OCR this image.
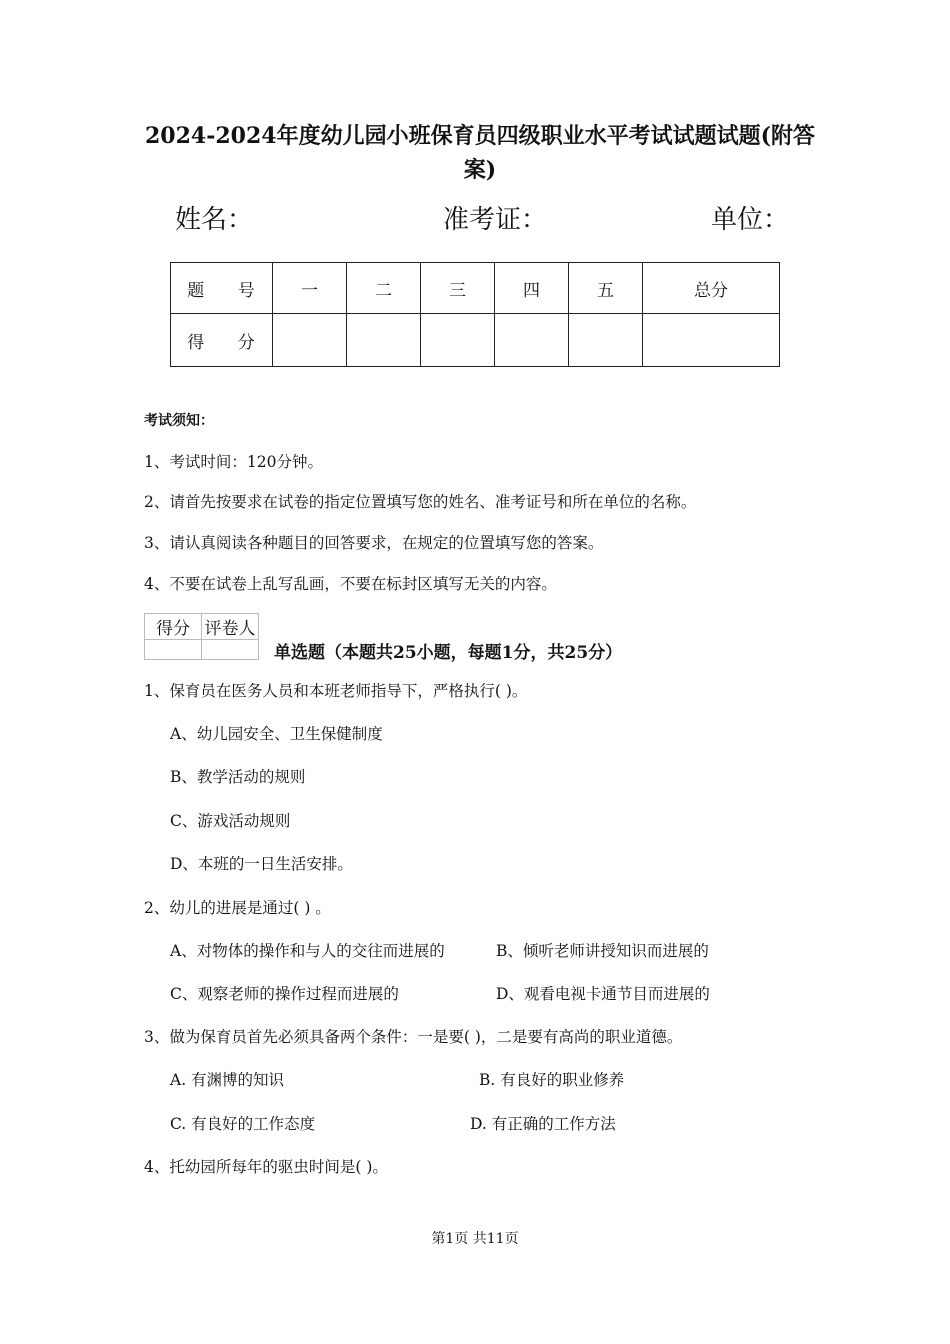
2024-2024年度幼儿园小班保育员四级职业水平考试试题试题(附答案)
姓名：	准考证：	单位：
题 号	一	二	三	四	五	总分
得 分						
考试须知：
1、考试时间：120分钟。
2、请首先按要求在试卷的指定位置填写您的姓名、准考证号和所在单位的名称。
3、请认真阅读各种题目的回答要求，在规定的位置填写您的答案。
4、不要在试卷上乱写乱画，不要在标封区填写无关的内容。
得分	评卷人

单选题（本题共25小题，每题1分，共25分）
1、保育员在医务人员和本班老师指导下，严格执行( )。
A、幼儿园安全、卫生保健制度
B、教学活动的规则
C、游戏活动规则
D、本班的一日生活安排。
2、幼儿的进展是通过( ) 。
A、对物体的操作和与人的交往而进展的	B、倾听老师讲授知识而进展的
C、观察老师的操作过程而进展的	D、观看电视卡通节目而进展的
3、做为保育员首先必须具备两个条件：一是要( )，二是要有高尚的职业道德。
A. 有渊博的知识	B. 有良好的职业修养
C. 有良好的工作态度	D. 有正确的工作方法
4、托幼园所每年的驱虫时间是( )。
第1页 共11页
